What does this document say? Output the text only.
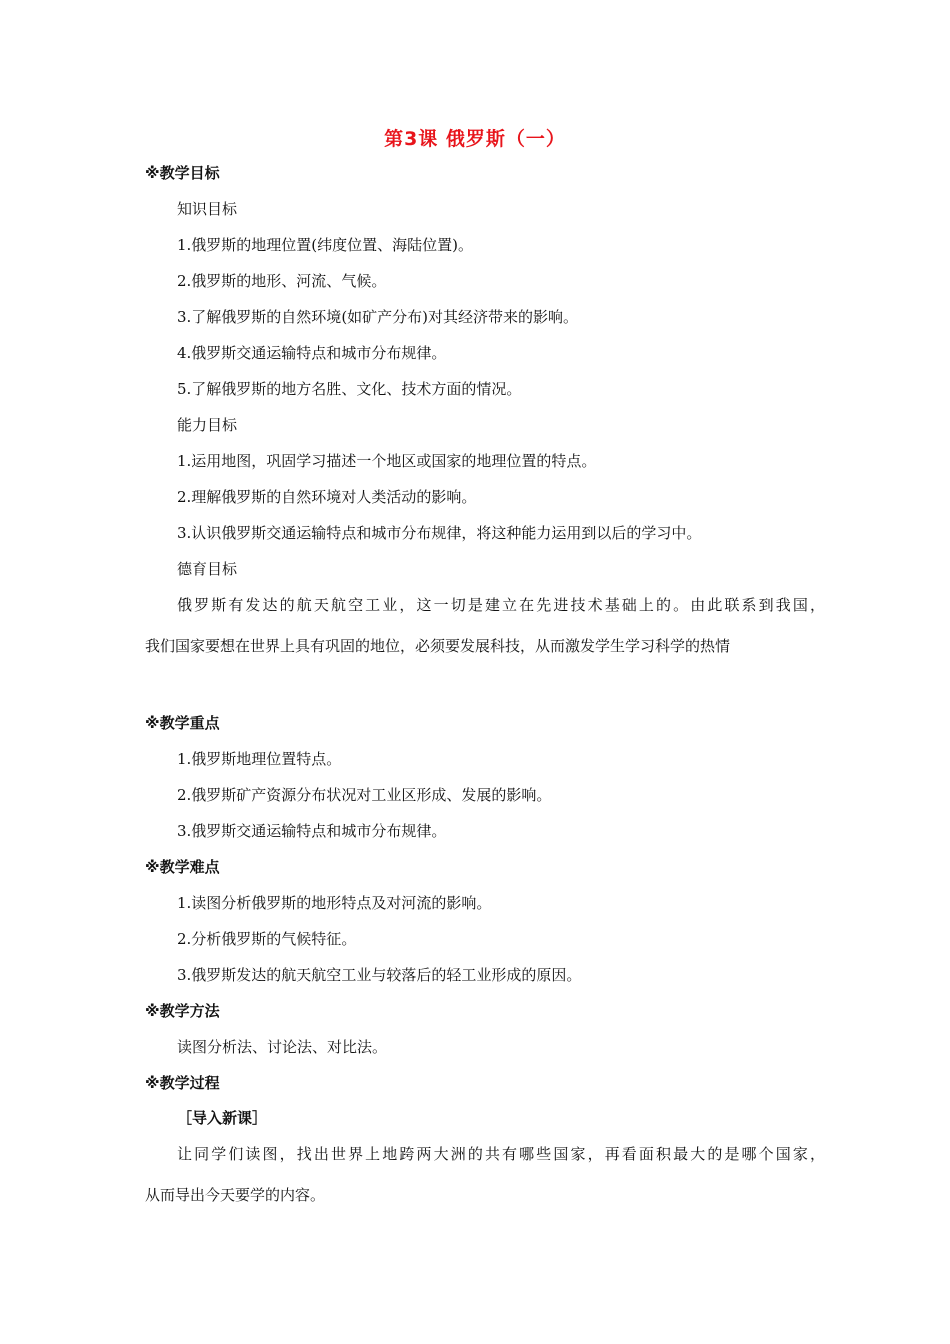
第3课 俄罗斯（一）
※教学目标
知识目标
1.俄罗斯的地理位置(纬度位置、海陆位置)。
2.俄罗斯的地形、河流、气候。
3.了解俄罗斯的自然环境(如矿产分布)对其经济带来的影响。
4.俄罗斯交通运输特点和城市分布规律。
5.了解俄罗斯的地方名胜、文化、技术方面的情况。
能力目标
1.运用地图，巩固学习描述一个地区或国家的地理位置的特点。
2.理解俄罗斯的自然环境对人类活动的影响。
3.认识俄罗斯交通运输特点和城市分布规律，将这种能力运用到以后的学习中。
德育目标
俄罗斯有发达的航天航空工业，这一切是建立在先进技术基础上的。由此联系到我国，
我们国家要想在世界上具有巩固的地位，必须要发展科技，从而激发学生学习科学的热情
※教学重点
1.俄罗斯地理位置特点。
2.俄罗斯矿产资源分布状况对工业区形成、发展的影响。
3.俄罗斯交通运输特点和城市分布规律。
※教学难点
1.读图分析俄罗斯的地形特点及对河流的影响。
2.分析俄罗斯的气候特征。
3.俄罗斯发达的航天航空工业与较落后的轻工业形成的原因。
※教学方法
读图分析法、讨论法、对比法。
※教学过程
［导入新课］
让同学们读图，找出世界上地跨两大洲的共有哪些国家，再看面积最大的是哪个国家，
从而导出今天要学的内容。
